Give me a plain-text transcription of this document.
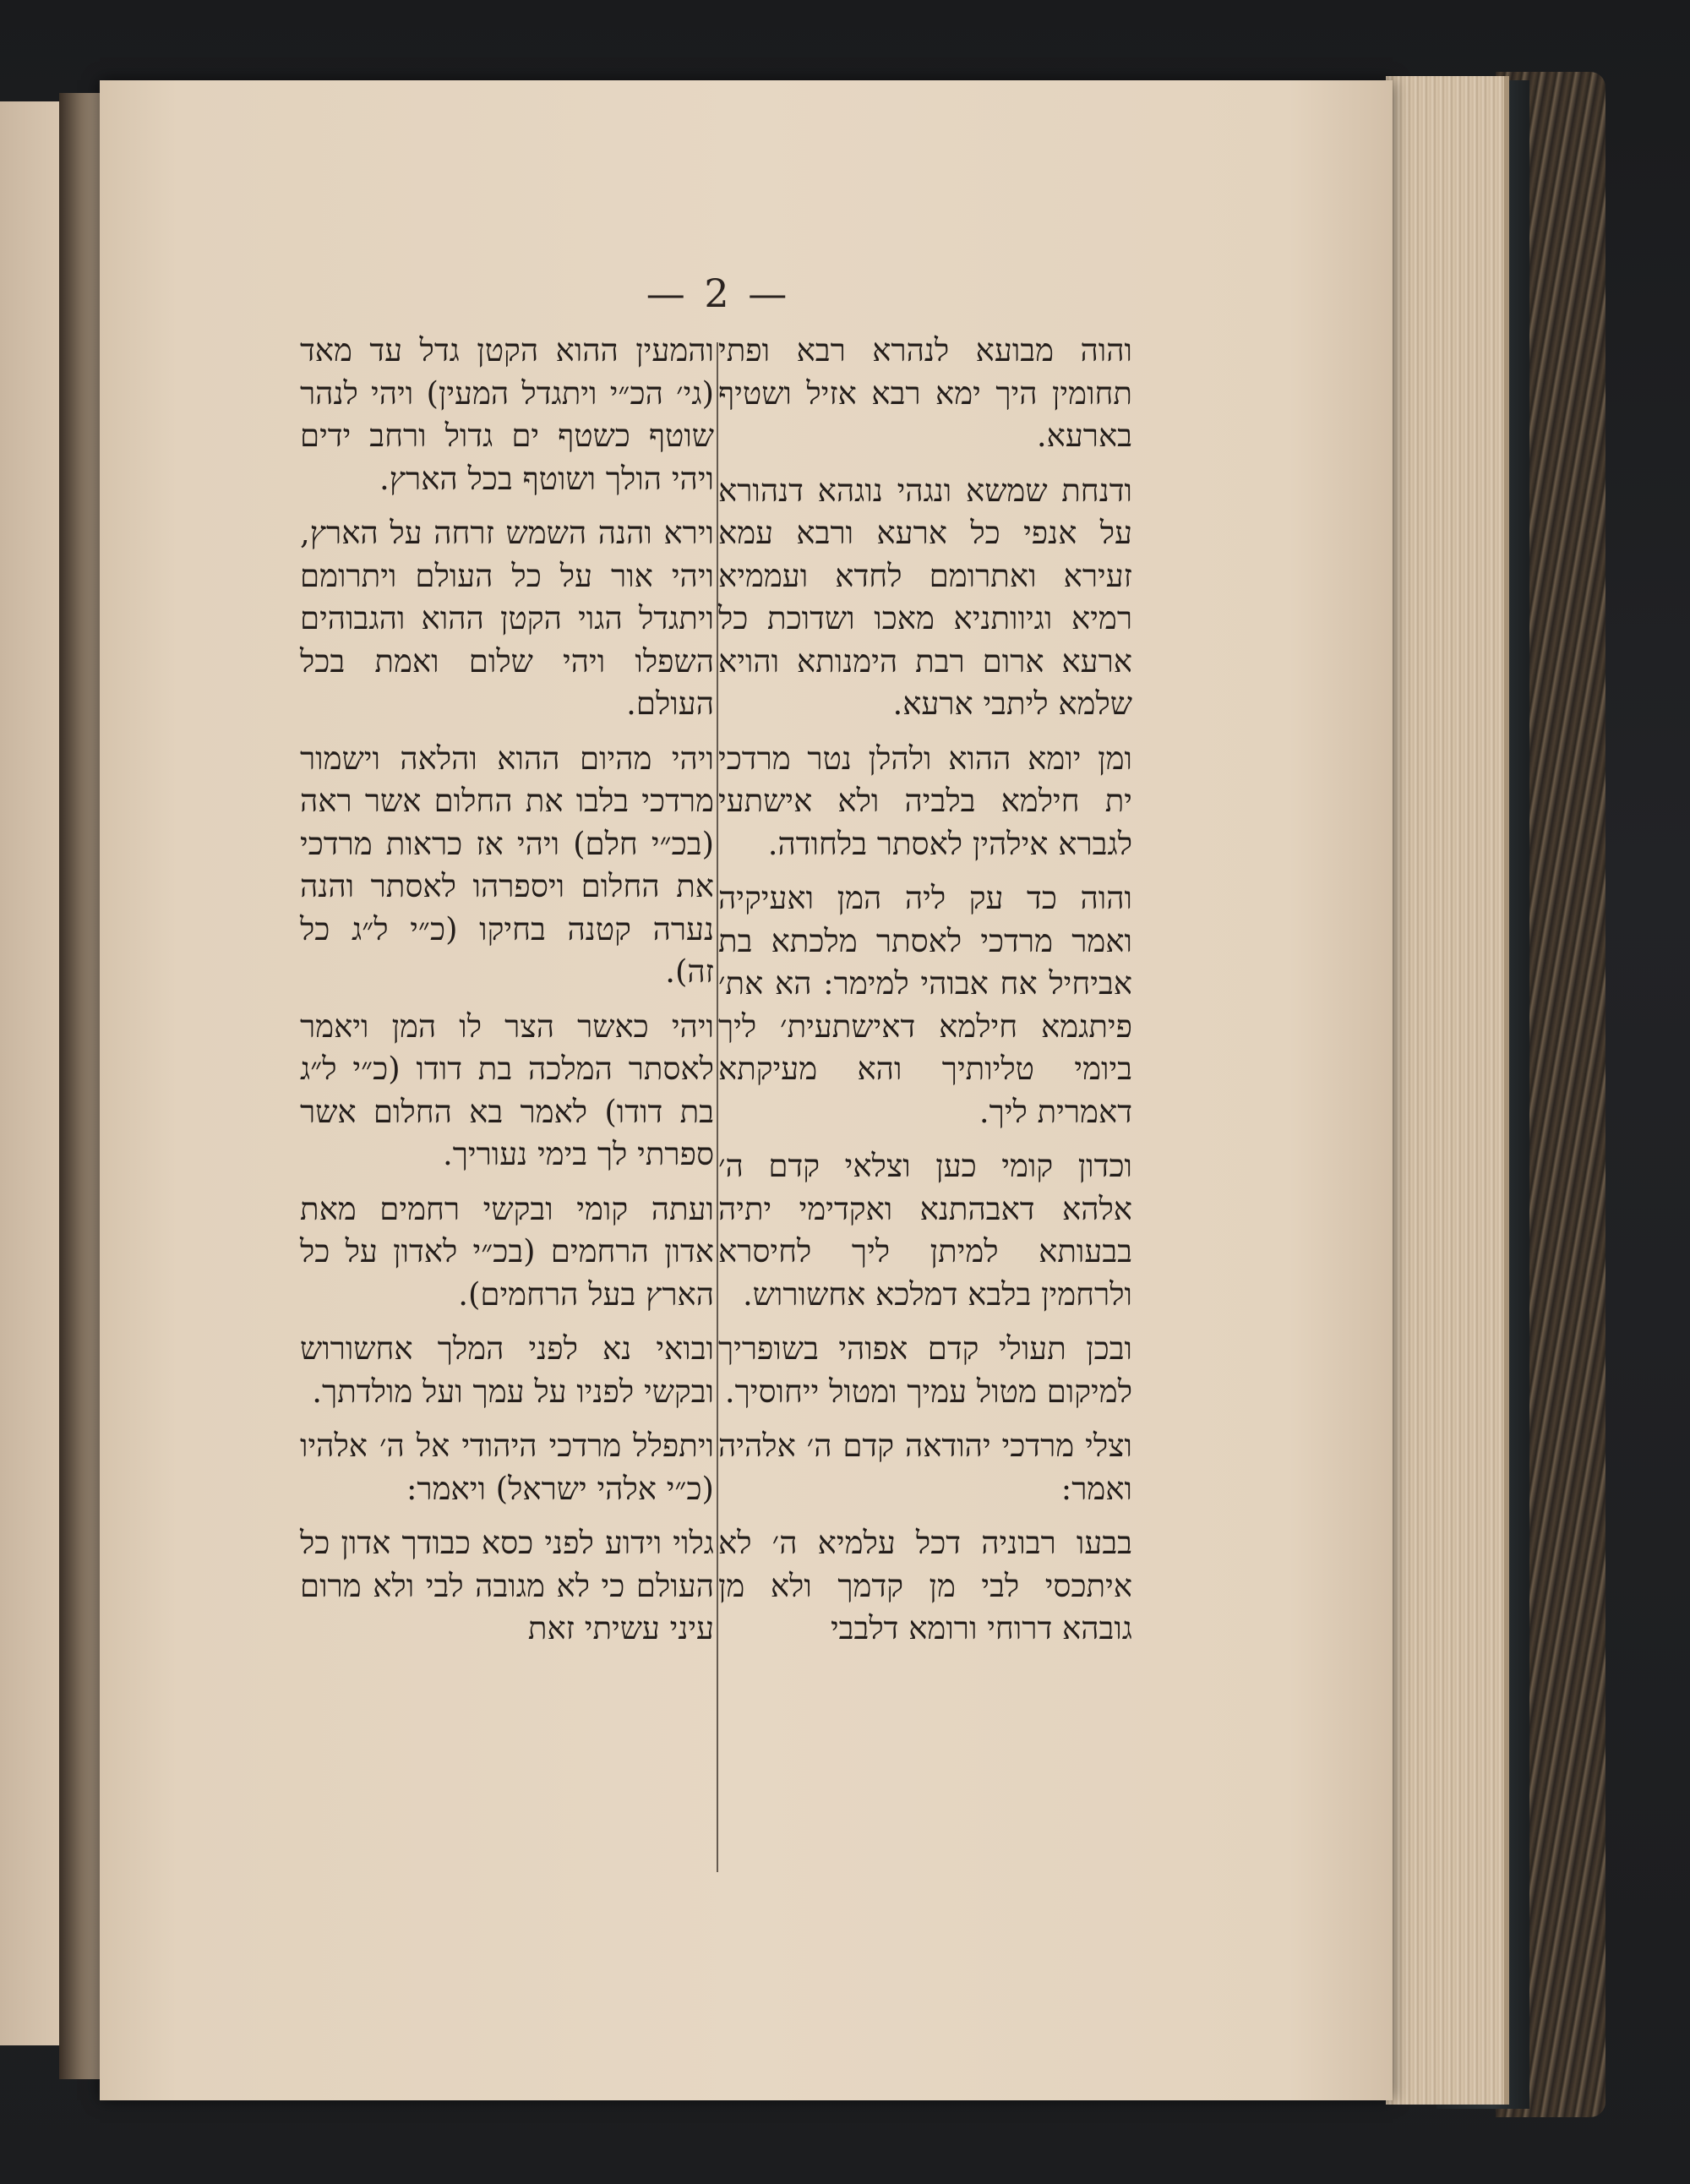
— 2 —

והמעין ההוא הקטן גדל עד מאד (גי׳ הכ״י ויתגדל המעין) ויהי לנהר שוטף כשטף ים גדול ורחב ידים ויהי הולך ושוטף בכל הארץ.

וירא והנה השמש זרחה על הארץ, ויהי אור על כל העולם ויתרומם ויתגדל הגוי הקטן ההוא והגבוהים השפלו ויהי שלום ואמת בכל העולם.

ויהי מהיום ההוא והלאה וישמור מרדכי בלבו את החלום אשר ראה (בכ״י חלם) ויהי אז כראות מרדכי את החלום ויספרהו לאסתר והנה נערה קטנה בחיקו (כ״י ל״ג כל זה).

ויהי כאשר הצר לו המן ויאמר לאסתר המלכה בת דודו (כ״י ל״ג בת דודו) לאמר בא החלום אשר ספרתי לך בימי נעוריך.

ועתה קומי ובקשי רחמים מאת אדון הרחמים (בכ״י לאדון על כל הארץ בעל הרחמים).

ובואי נא לפני המלך אחשורוש ובקשי לפניו על עמך ועל מולדתך.

ויתפלל מרדכי היהודי אל ה׳ אלהיו (כ״י אלהי ישראל) ויאמר:

גלוי וידוע לפני כסא כבודך אדון כל העולם כי לא מגובה לבי ולא מרום עיני עשיתי זאת

והוה מבועא לנהרא רבא ופתי תחומין היך ימא רבא אזיל ושטיף בארעא.

ודנחת שמשא ונגהי נוגהא דנהורא על אנפי כל ארעא ורבא עמא זעירא ואתרומם לחדא ועממיא רמיא וגיוותניא מאכו ושדוכת כל ארעא ארום רבת הימנותא והויא שלמא ליתבי ארעא.

ומן יומא ההוא ולהלן נטר מרדכי ית חילמא בלביה ולא אישתעי לגברא אילהין לאסתר בלחודה.

והוה כד עק ליה המן ואעיקיה ואמר מרדכי לאסתר מלכתא בת אביחיל אח אבוהי למימר: הא את׳ פיתגמא חילמא דאישתעית׳ ליך ביומי טליותיך והא מעיקתא דאמרית ליך.

וכדון קומי כען וצלאי קדם ה׳ אלהא דאבהתנא ואקדימי יתיה בבעותא למיתן ליך לחיסרא ולרחמין בלבא דמלכא אחשורוש.

ובכן תעולי קדם אפוהי בשופריך למיקום מטול עמיך ומטול ייחוסיך.

וצלי מרדכי יהודאה קדם ה׳ אלהיה ואמר:

בבעו רבוניה דכל עלמיא ה׳ לא איתכסי לבי מן קדמך ולא מן גובהא דרוחי ורומא דלבבי
